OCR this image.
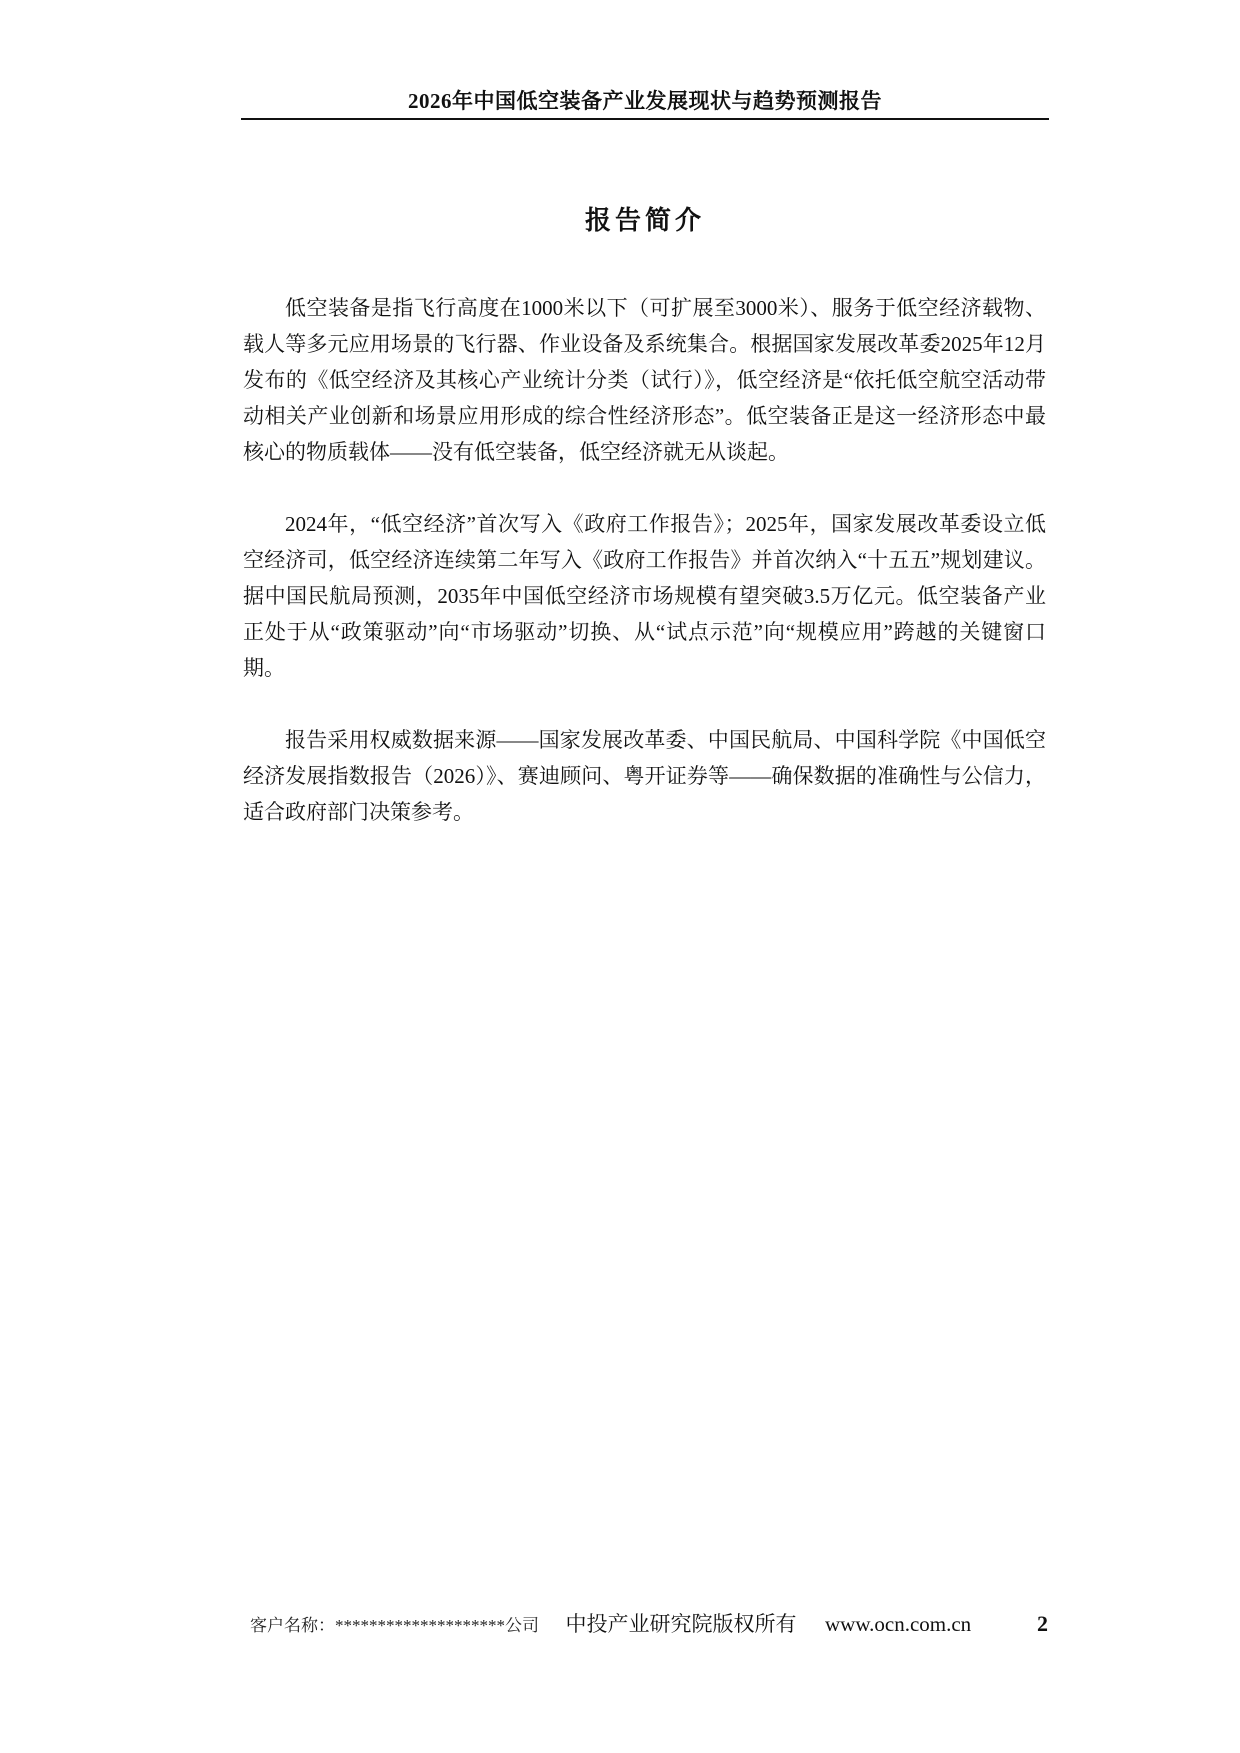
2026年中国低空装备产业发展现状与趋势预测报告
报告简介

低空装备是指飞行高度在1000米以下（可扩展至3000米）、服务于低空经济载物、载人等多元应用场景的飞行器、作业设备及系统集合。根据国家发展改革委2025年12月发布的《低空经济及其核心产业统计分类（试行）》，低空经济是“依托低空航空活动带动相关产业创新和场景应用形成的综合性经济形态”。低空装备正是这一经济形态中最核心的物质载体——没有低空装备，低空经济就无从谈起。

2024年，“低空经济”首次写入《政府工作报告》；2025年，国家发展改革委设立低空经济司，低空经济连续第二年写入《政府工作报告》并首次纳入“十五五”规划建议。据中国民航局预测，2035年中国低空经济市场规模有望突破3.5万亿元。低空装备产业正处于从“政策驱动”向“市场驱动”切换、从“试点示范”向“规模应用”跨越的关键窗口期。

报告采用权威数据来源——国家发展改革委、中国民航局、中国科学院《中国低空经济发展指数报告（2026）》、赛迪顾问、粤开证券等——确保数据的准确性与公信力，适合政府部门决策参考。

客户名称：********************公司 中投产业研究院版权所有 www.ocn.com.cn	2
